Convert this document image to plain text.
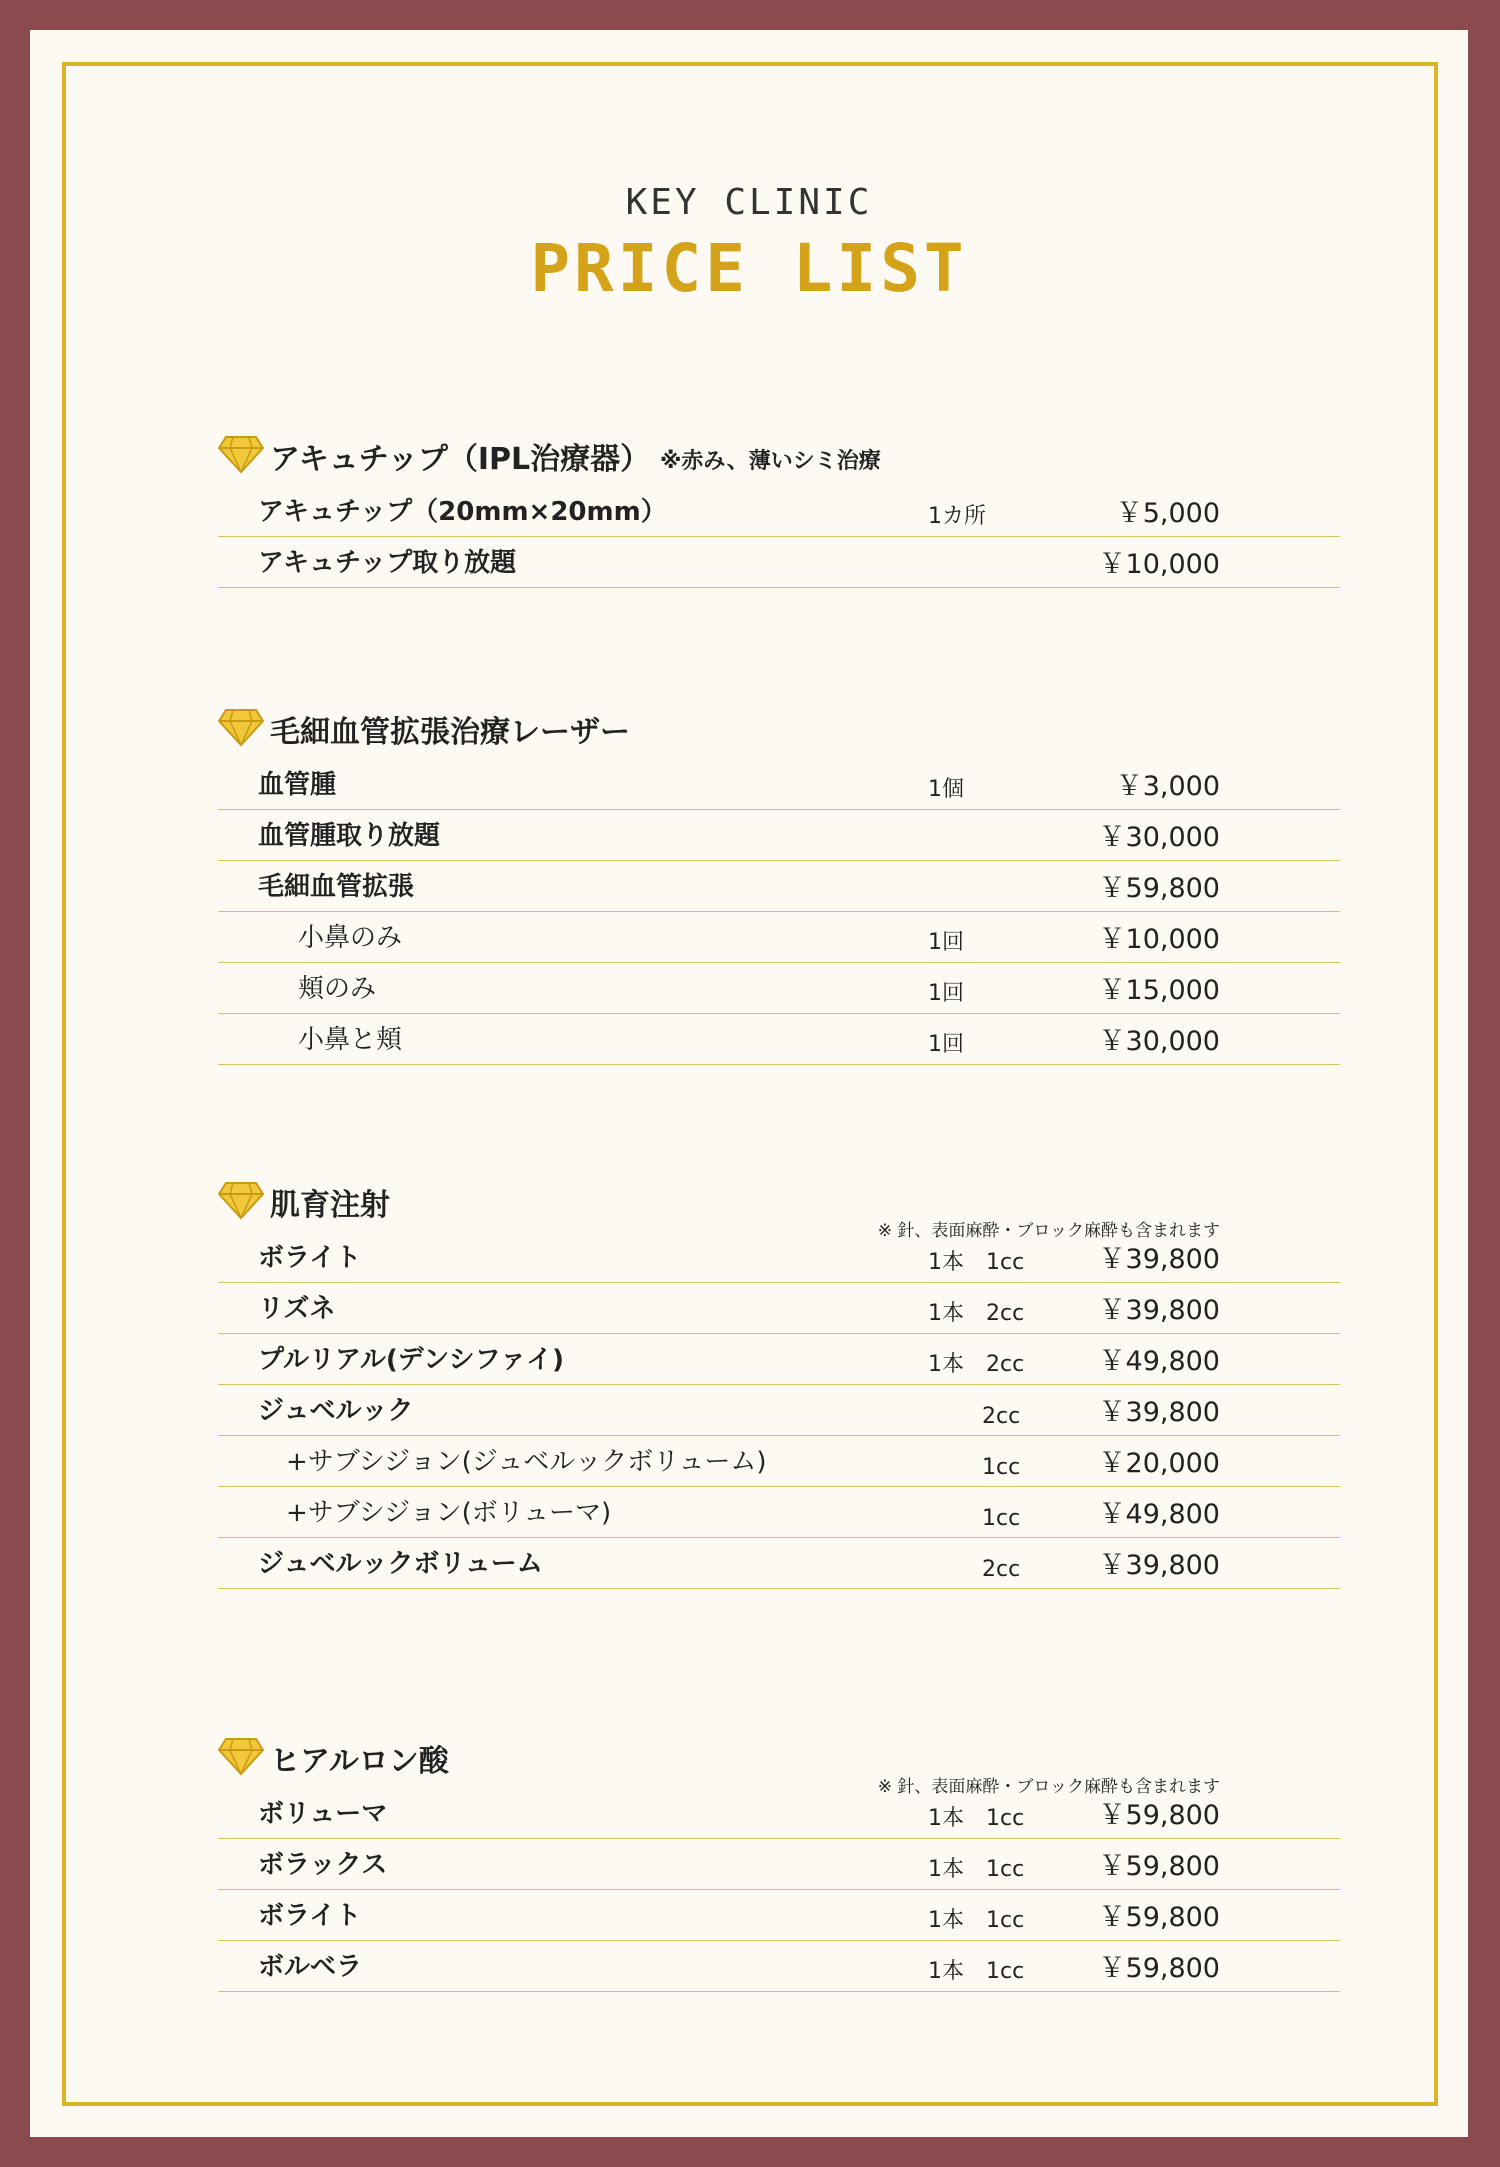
KEY CLINIC
PRICE LIST
アキュチップ（IPL治療器） ※赤み、薄いシミ治療
アキュチップ（20mm×20mm）	1カ所	￥5,000
アキュチップ取り放題	￥10,000
毛細血管拡張治療レーザー
血管腫	1個	￥3,000
血管腫取り放題	￥30,000
毛細血管拡張	￥59,800
小鼻のみ	1回	￥10,000
頬のみ	1回	￥15,000
小鼻と頬	1回	￥30,000
肌育注射
※ 針、表面麻酔・ブロック麻酔も含まれます
ボライト	1本　1cc	￥39,800
リズネ	1本　2cc	￥39,800
プルリアル(デンシファイ)	1本　2cc	￥49,800
ジュベルック	2cc	￥39,800
+サブシジョン(ジュベルックボリューム)	1cc	￥20,000
+サブシジョン(ボリューマ)	1cc	￥49,800
ジュベルックボリューム	2cc	￥39,800
ヒアルロン酸
※ 針、表面麻酔・ブロック麻酔も含まれます
ボリューマ	1本　1cc	￥59,800
ボラックス	1本　1cc	￥59,800
ボライト	1本　1cc	￥59,800
ボルベラ	1本　1cc	￥59,800
